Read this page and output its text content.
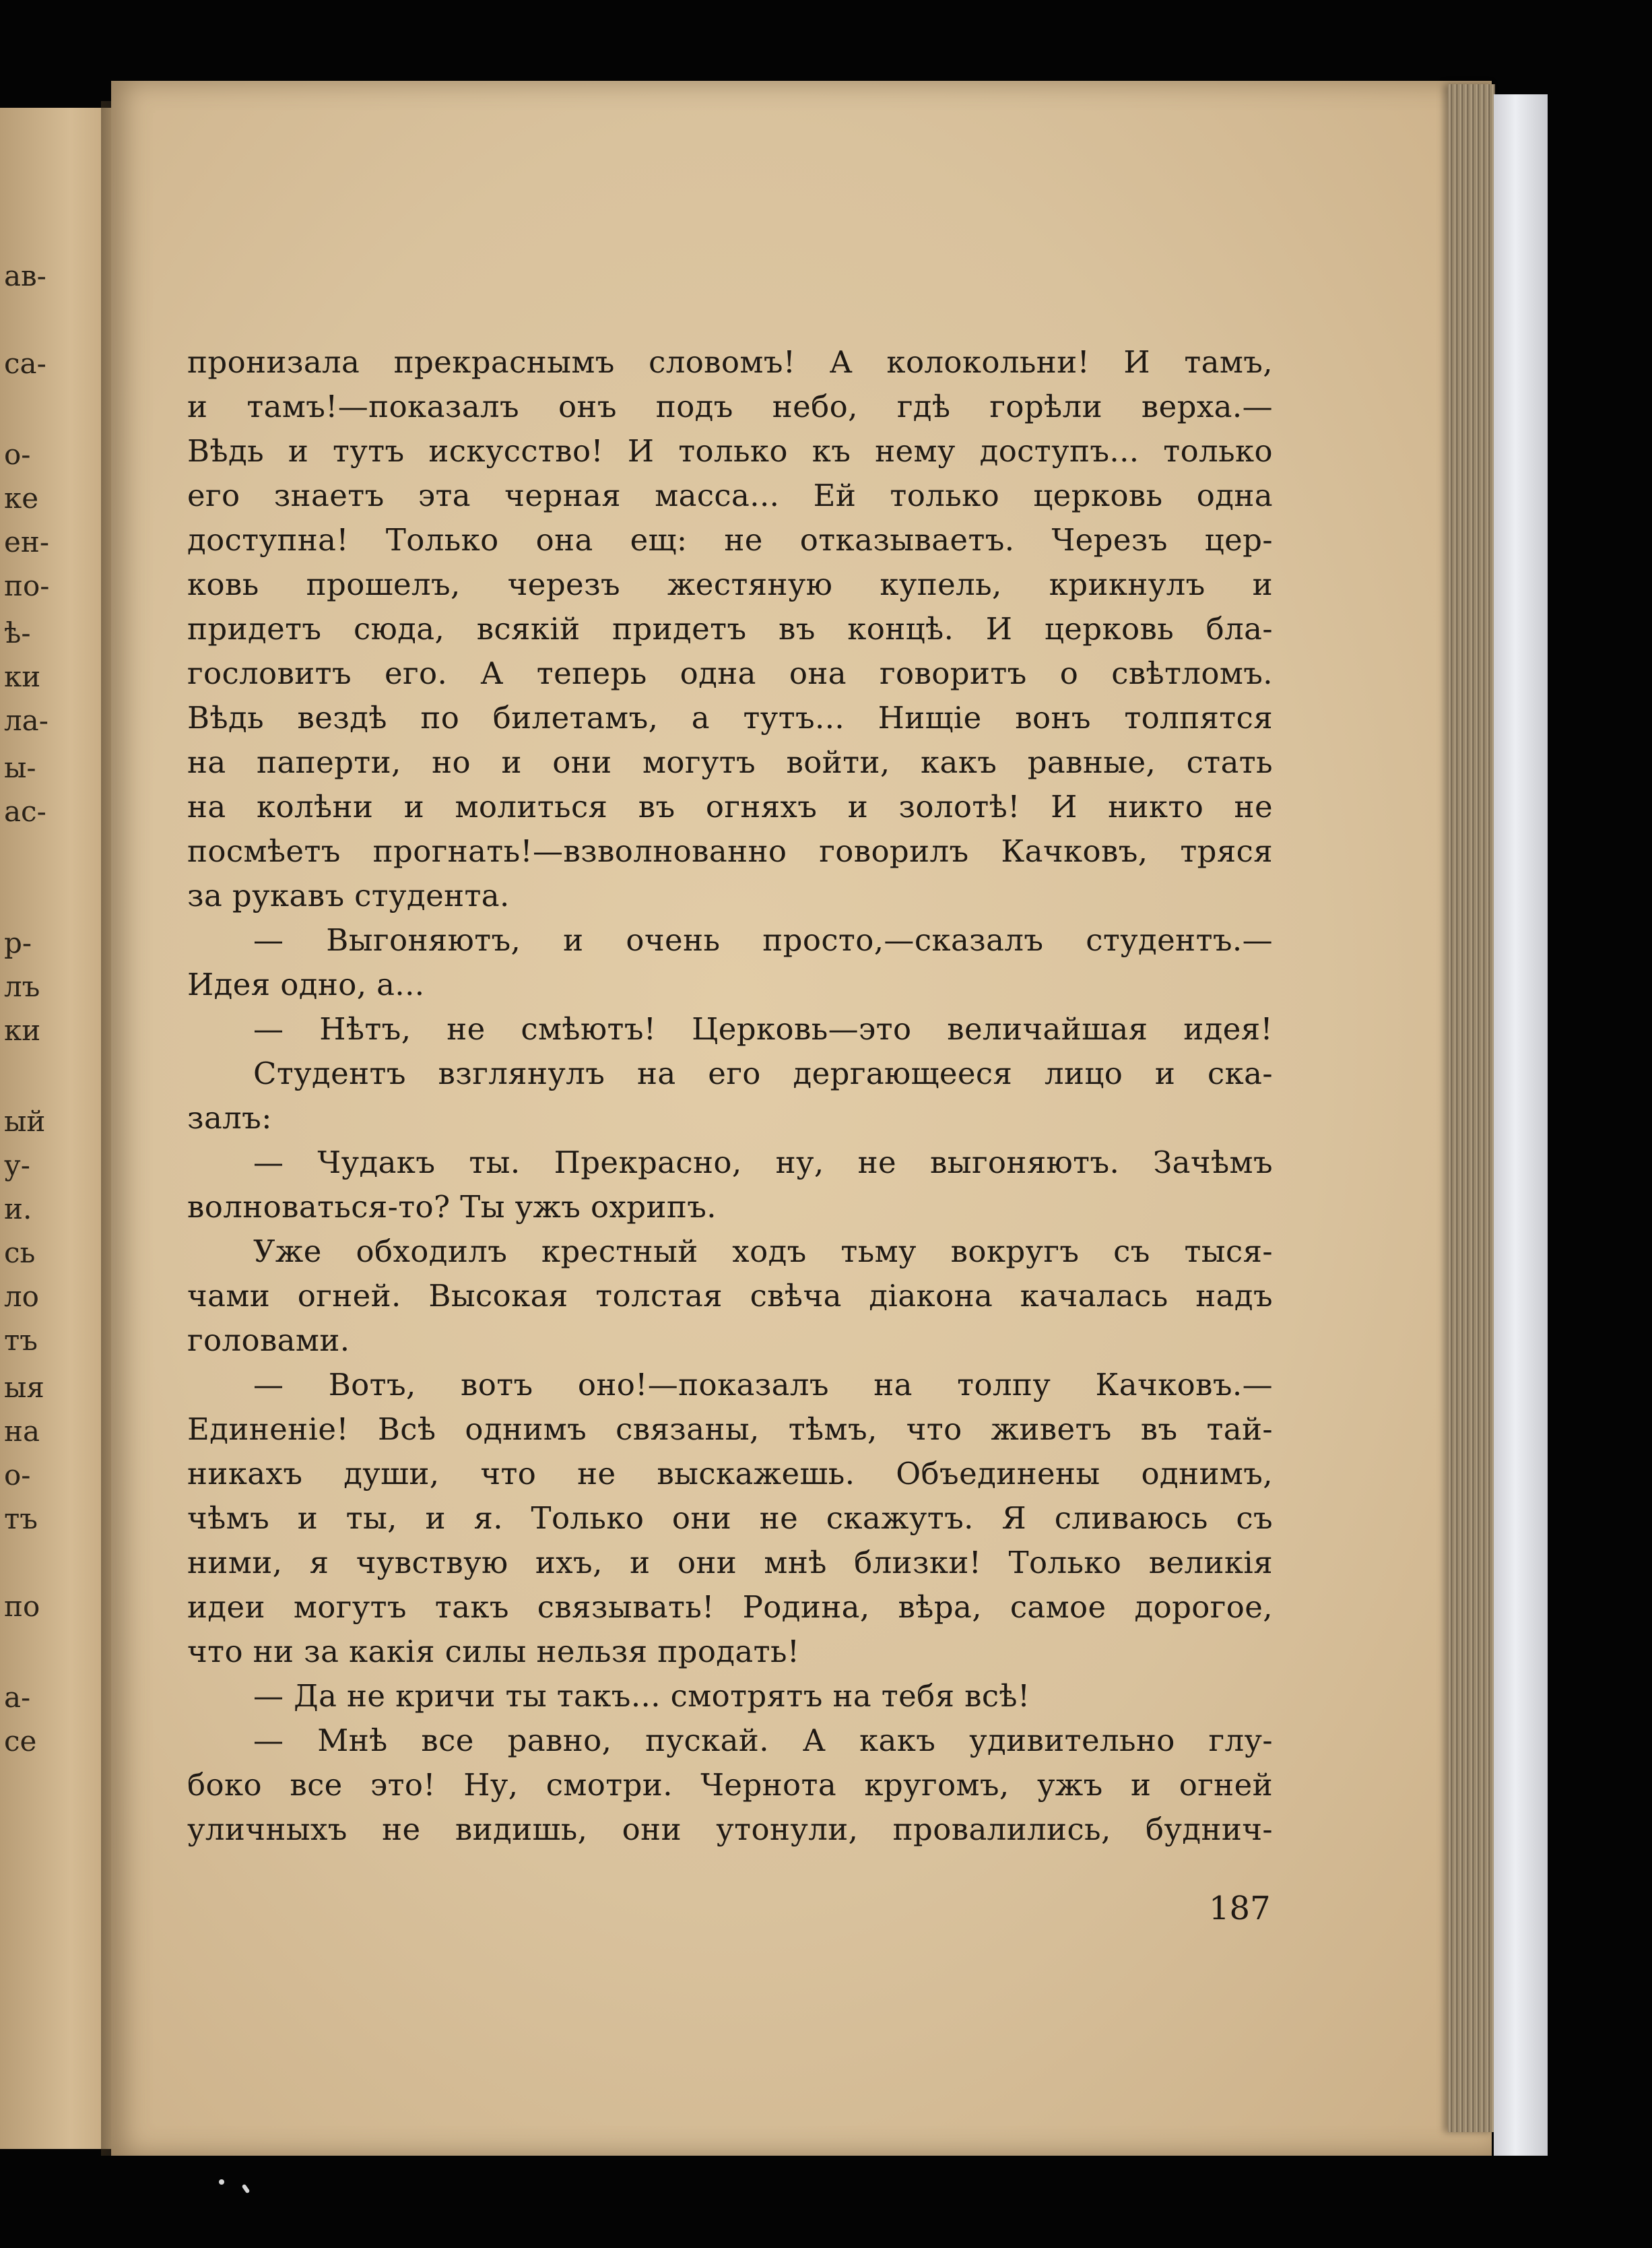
ав-
са-
о-
ке
ен-
по-
ѣ-
ки
ла-
ы-
ас-
р-
лъ
ки
ый
у-
и.
сь
ло
тъ
ыя
на
о-
тъ
по
а-
се
пронизала прекраснымъ словомъ! А колокольни! И тамъ,
и тамъ!—показалъ онъ подъ небо, гдѣ горѣли верха.—
Вѣдь и тутъ искусство! И только къ нему доступъ... только
его знаетъ эта черная масса... Ей только церковь одна
доступна! Только она ещ: не отказываетъ. Черезъ цер-
ковь прошелъ, черезъ жестяную купель, крикнулъ и
придетъ сюда, всякій придетъ въ концѣ. И церковь бла-
гословитъ его. А теперь одна она говоритъ о свѣтломъ.
Вѣдь вездѣ по билетамъ, а тутъ... Нищіе вонъ толпятся
на паперти, но и они могутъ войти, какъ равные, стать
на колѣни и молиться въ огняхъ и золотѣ! И никто не
посмѣетъ прогнать!—взволнованно говорилъ Качковъ, тряся
за рукавъ студента.
— Выгоняютъ, и очень просто,—сказалъ студентъ.—
Идея одно, а...
— Нѣтъ, не смѣютъ! Церковь—это величайшая идея!
Студентъ взглянулъ на его дергающееся лицо и ска-
залъ:
— Чудакъ ты. Прекрасно, ну, не выгоняютъ. Зачѣмъ
волноваться-то? Ты ужъ охрипъ.
Уже обходилъ крестный ходъ тьму вокругъ съ тыся-
чами огней. Высокая толстая свѣча діакона качалась надъ
головами.
— Вотъ, вотъ оно!—показалъ на толпу Качковъ.—
Единеніе! Всѣ однимъ связаны, тѣмъ, что живетъ въ тай-
никахъ души, что не выскажешь. Объединены однимъ,
чѣмъ и ты, и я. Только они не скажутъ. Я сливаюсь съ
ними, я чувствую ихъ, и они мнѣ близки! Только великія
идеи могутъ такъ связывать! Родина, вѣра, самое дорогое,
что ни за какія силы нельзя продать!
— Да не кричи ты такъ... смотрятъ на тебя всѣ!
— Мнѣ все равно, пускай. А какъ удивительно глу-
боко все это! Ну, смотри. Чернота кругомъ, ужъ и огней
уличныхъ не видишь, они утонули, провалились, буднич-
187
